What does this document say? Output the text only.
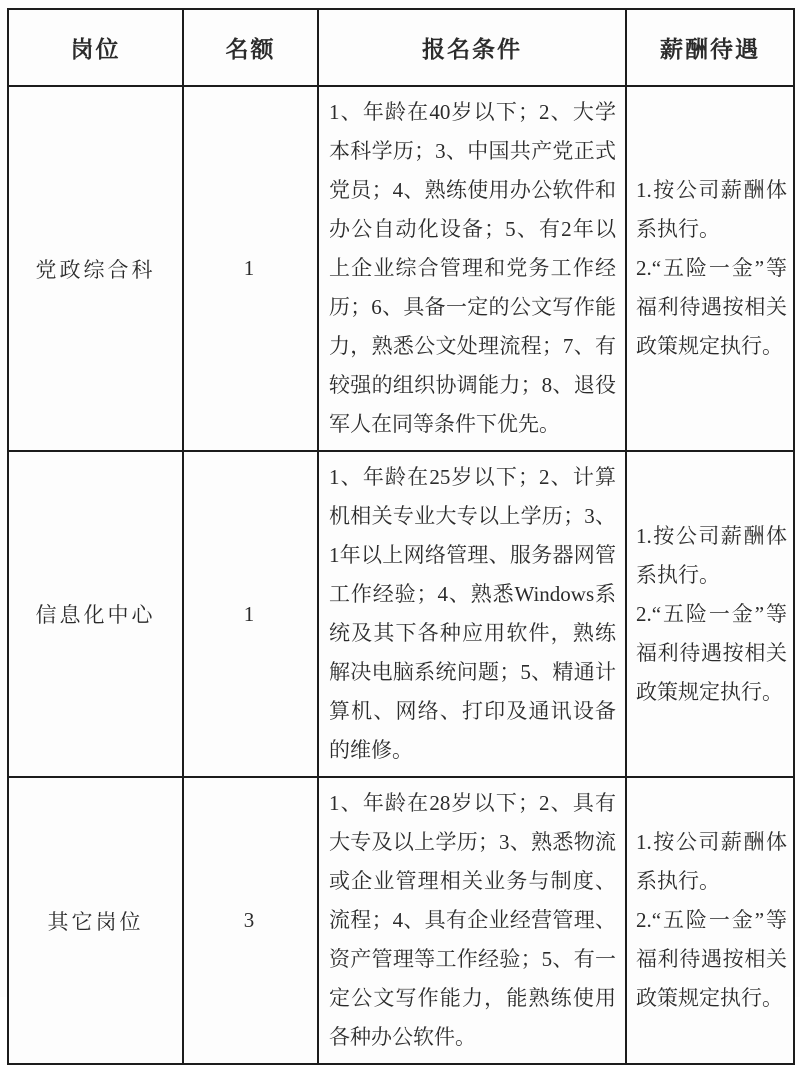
岗位	名额	报名条件	薪酬待遇
党政综合科	1	1、年龄在40岁以下；2、大学本科学历；3、中国共产党正式党员；4、熟练使用办公软件和办公自动化设备；5、有2年以上企业综合管理和党务工作经历；6、具备一定的公文写作能力，熟悉公文处理流程；7、有较强的组织协调能力；8、退役军人在同等条件下优先。	1.按公司薪酬体系执行。

2.“五险一金”等福利待遇按相关政策规定执行。

信息化中心	1	1、年龄在25岁以下；2、计算机相关专业大专以上学历；3、1年以上网络管理、服务器网管工作经验；4、熟悉Windows系统及其下各种应用软件，熟练解决电脑系统问题；5、精通计算机、网络、打印及通讯设备的维修。	1.按公司薪酬体系执行。

2.“五险一金”等福利待遇按相关政策规定执行。

其它岗位	3	1、年龄在28岁以下；2、具有大专及以上学历；3、熟悉物流或企业管理相关业务与制度、流程；4、具有企业经营管理、资产管理等工作经验；5、有一定公文写作能力，能熟练使用各种办公软件。	1.按公司薪酬体系执行。

2.“五险一金”等福利待遇按相关政策规定执行。
